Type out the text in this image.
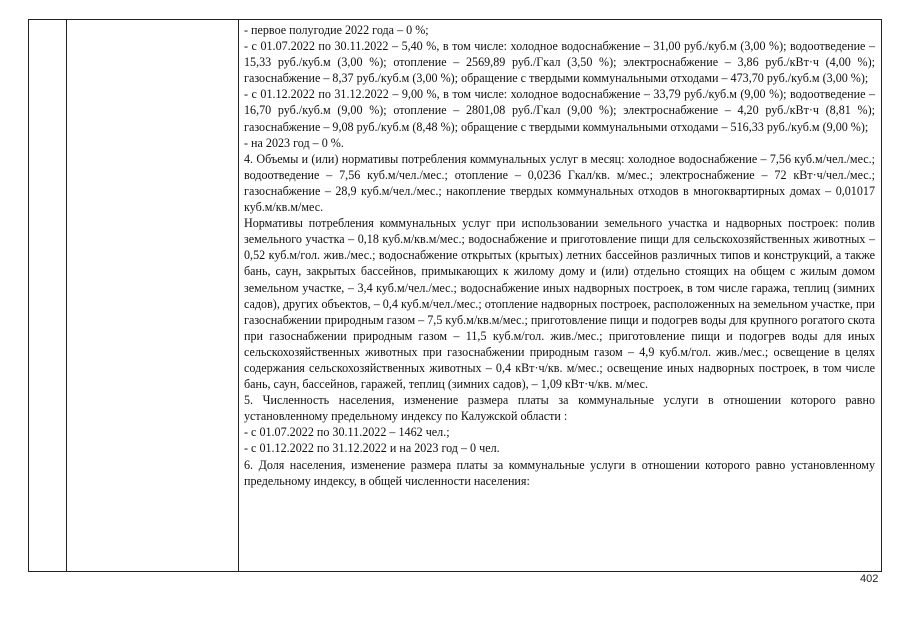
- первое полугодие 2022 года – 0 %;

- с 01.07.2022 по 30.11.2022 – 5,40 %, в том числе: холодное водоснабжение – 31,00 руб./куб.м (3,00 %); водоотведение – 15,33 руб./куб.м (3,00 %); отопление – 2569,89 руб./Гкал (3,50 %); электроснабжение – 3,86 руб./кВт·ч (4,00 %); газоснабжение – 8,37 руб./куб.м (3,00 %); обращение с твердыми коммунальными отходами – 473,70 руб./куб.м (3,00 %);

- с 01.12.2022 по 31.12.2022 – 9,00 %, в том числе: холодное водоснабжение – 33,79 руб./куб.м (9,00 %); водоотведение – 16,70 руб./куб.м (9,00 %); отопление – 2801,08 руб./Гкал (9,00 %); электроснабжение – 4,20 руб./кВт·ч (8,81 %); газоснабжение – 9,08 руб./куб.м (8,48 %); обращение с твердыми коммунальными отходами – 516,33 руб./куб.м (9,00 %);

- на 2023 год – 0 %.

4. Объемы и (или) нормативы потребления коммунальных услуг в месяц: холодное водоснабжение – 7,56 куб.м/чел./мес.; водоотведение – 7,56 куб.м/чел./мес.; отопление – 0,0236 Гкал/кв. м/мес.; электроснабжение – 72 кВт·ч/чел./мес.; газоснабжение – 28,9 куб.м/чел./мес.; накопление твердых коммунальных отходов в многоквартирных домах – 0,01017 куб.м/кв.м/мес.

Нормативы потребления коммунальных услуг при использовании земельного участка и надворных построек: полив земельного участка – 0,18 куб.м/кв.м/мес.; водоснабжение и приготовление пищи для сельскохозяйственных животных – 0,52 куб.м/гол. жив./мес.; водоснабжение открытых (крытых) летних бассейнов различных типов и конструкций, а также бань, саун, закрытых бассейнов, примыкающих к жилому дому и (или) отдельно стоящих на общем с жилым домом земельном участке, – 3,4 куб.м/чел./мес.; водоснабжение иных надворных построек, в том числе гаража, теплиц (зимних садов), других объектов, – 0,4 куб.м/чел./мес.; отопление надворных построек, расположенных на земельном участке, при газоснабжении природным газом – 7,5 куб.м/кв.м/мес.; приготовление пищи и подогрев воды для крупного рогатого скота при газоснабжении природным газом – 11,5 куб.м/гол. жив./мес.; приготовление пищи и подогрев воды для иных сельскохозяйственных животных при газоснабжении природным газом – 4,9 куб.м/гол. жив./мес.; освещение в целях содержания сельскохозяйственных животных – 0,4 кВт·ч/кв. м/мес.; освещение иных надворных построек, в том числе бань, саун, бассейнов, гаражей, теплиц (зимних садов), – 1,09 кВт·ч/кв. м/мес.

5. Численность населения, изменение размера платы за коммунальные услуги в отношении которого равно установленному предельному индексу по Калужской области :

- с 01.07.2022 по 30.11.2022 – 1462 чел.;

- с 01.12.2022 по 31.12.2022 и на 2023 год – 0 чел.

6. Доля населения, изменение размера платы за коммунальные услуги в отношении которого равно установленному предельному индексу, в общей численности населения:

402
